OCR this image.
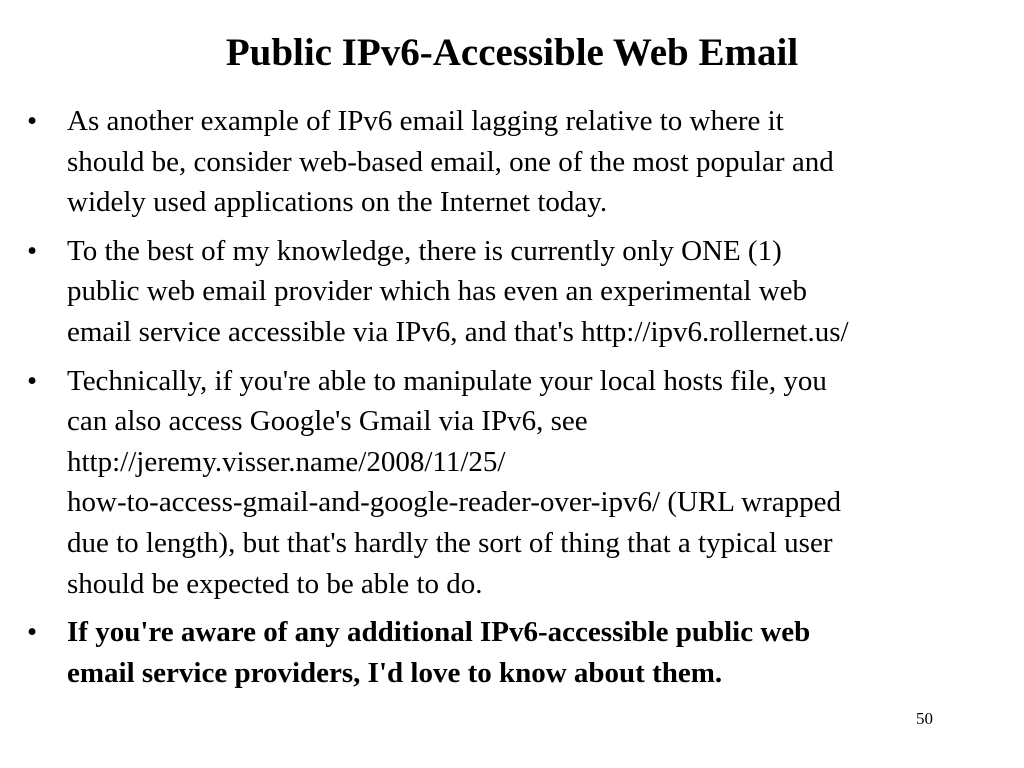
Public IPv6-Accessible Web Email
•	As another example of IPv6 email lagging relative to where it
should be, consider web-based email, one of the most popular and
widely used applications on the Internet today.
•	To the best of my knowledge, there is currently only ONE (1)
public web email provider which has even an experimental web
email service accessible via IPv6, and that's http://ipv6.rollernet.us/
•	Technically, if you're able to manipulate your local hosts file, you
can also access Google's Gmail via IPv6, see
http://jeremy.visser.name/2008/11/25/
how-to-access-gmail-and-google-reader-over-ipv6/ (URL wrapped
due to length), but that's hardly the sort of thing that a typical user
should be expected to be able to do.
•	If you're aware of any additional IPv6-accessible public web
email service providers, I'd love to know about them.
50
